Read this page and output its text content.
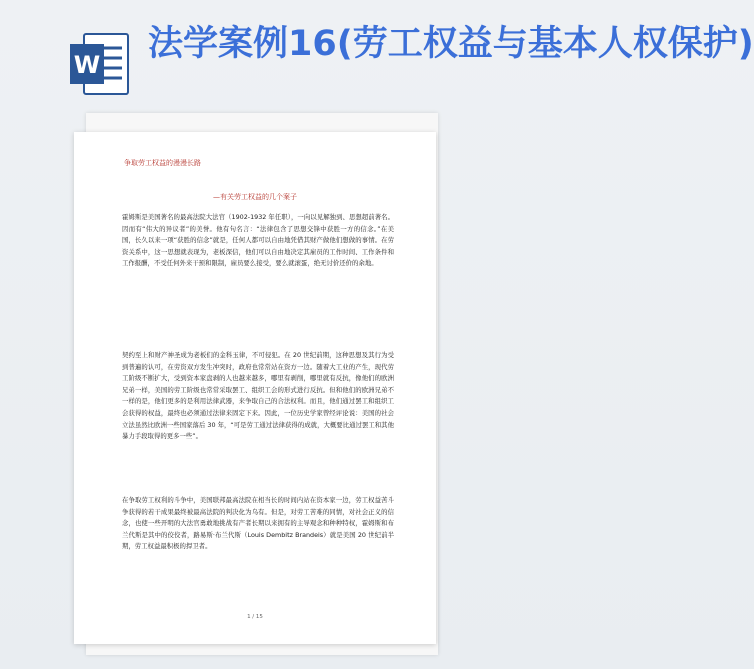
W
法学案例16(劳工权益与基本人权保护)

争取劳工权益的漫漫长路

—有关劳工权益的几个案子

霍姆斯是美国著名的最高法院大法官（1902-1932 年任职），一向以见解独到、思想超前著名。因而有“伟大的异议者”的美誉。他有句名言：“法律包含了思想交锋中获胜一方的信念。”在美国，长久以来一项“获胜的信念”就是，任何人都可以自由地凭借其财产做他们想做的事情。在劳资关系中，这一思想就表现为，老板深信，他们可以自由地决定其雇员的工作时间、工作条件和工作报酬，不受任何外来干预和限制，雇员要么接受，要么就滚蛋，绝无讨价还价的余地。

契约至上和财产神圣成为老板们的金科玉律，不可侵犯。在 20 世纪前期，这种思想及其行为受到普遍的认可，在劳资双方发生冲突时，政府也常常站在资方一边。随着大工业的产生，现代劳工阶级不断扩大，受到资本家盘剥的人也越来越多，哪里有剥削，哪里就有反抗，像他们的欧洲兄弟一样，美国的劳工阶级也常常采取罢工、组织工会的形式进行反抗。但和他们的欧洲兄弟不一样的是，他们更多的是利用法律武器，来争取自己的合法权利。而且，他们通过罢工和组织工会获得的权益，最终也必须通过法律来固定下来。因此，一位历史学家曾经评论说：美国的社会立法虽然比欧洲一些国家落后 30 年，“可是劳工通过法律获得的成就，大概要比通过罢工和其他暴力手段取得的更多一些”。

在争取劳工权利的斗争中，美国联邦最高法院在相当长的时间内站在资本家一边，劳工权益苦斗争获得的若干成果最终被最高法院的判决化为乌有。但是，对劳工苦难的同情，对社会正义的信念，也使一些开明的大法官勇敢地挑战有产者长期以来拥有的主导观念和种种特权，霍姆斯和布兰代斯是其中的佼佼者，路易斯·布兰代斯（Louis Dembitz Brandeis）就是美国 20 世纪前半期，劳工权益最积极的捍卫者。

1 / 15
